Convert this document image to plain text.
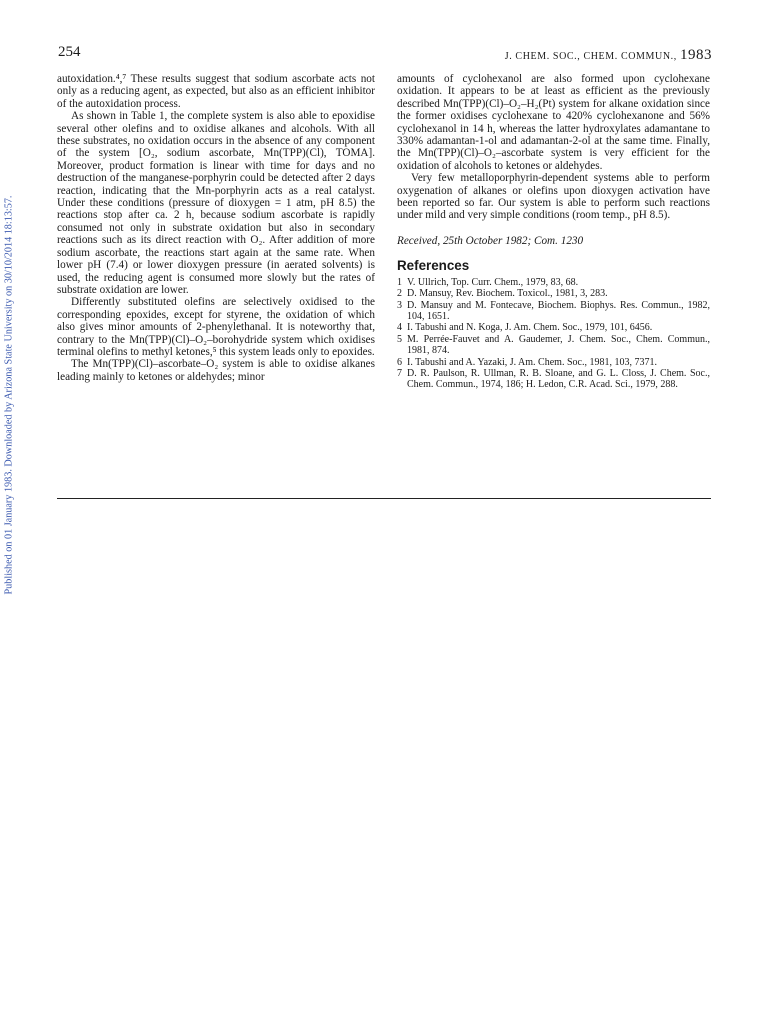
Published on 01 January 1983. Downloaded by Arizona State University on 30/10/2014 18:13:57.
254	J. CHEM. SOC., CHEM. COMMUN., 1983

autoxidation.⁴,⁷ These results suggest that sodium ascorbate acts not only as a reducing agent, as expected, but also as an efficient inhibitor of the autoxidation process.

As shown in Table 1, the complete system is also able to epoxidise several other olefins and to oxidise alkanes and alcohols. With all these substrates, no oxidation occurs in the absence of any component of the system [O₂, sodium ascorbate, Mn(TPP)(Cl), TOMA]. Moreover, product formation is linear with time for days and no destruction of the manganese-porphyrin could be detected after 2 days reaction, indicating that the Mn-porphyrin acts as a real catalyst. Under these conditions (pressure of dioxygen = 1 atm, pH 8.5) the reactions stop after ca. 2 h, because sodium ascorbate is rapidly consumed not only in substrate oxidation but also in secondary reactions such as its direct reaction with O₂. After addition of more sodium ascorbate, the reactions start again at the same rate. When lower pH (7.4) or lower dioxygen pressure (in aerated solvents) is used, the reducing agent is consumed more slowly but the rates of substrate oxidation are lower.

Differently substituted olefins are selectively oxidised to the corresponding epoxides, except for styrene, the oxidation of which also gives minor amounts of 2-phenylethanal. It is noteworthy that, contrary to the Mn(TPP)(Cl)–O₂–borohydride system which oxidises terminal olefins to methyl ketones,⁵ this system leads only to epoxides.

The Mn(TPP)(Cl)–ascorbate–O₂ system is able to oxidise alkanes leading mainly to ketones or aldehydes; minor

amounts of cyclohexanol are also formed upon cyclohexane oxidation. It appears to be at least as efficient as the previously described Mn(TPP)(Cl)–O₂–H₂(Pt) system for alkane oxidation since the former oxidises cyclohexane to 420% cyclohexanone and 56% cyclohexanol in 14 h, whereas the latter hydroxylates adamantane to 330% adamantan-1-ol and adamantan-2-ol at the same time. Finally, the Mn(TPP)(Cl)–O₂–ascorbate system is very efficient for the oxidation of alcohols to ketones or aldehydes.

Very few metalloporphyrin-dependent systems able to perform oxygenation of alkanes or olefins upon dioxygen activation have been reported so far. Our system is able to perform such reactions under mild and very simple conditions (room temp., pH 8.5).

Received, 25th October 1982; Com. 1230
References
1 V. Ullrich, Top. Curr. Chem., 1979, 83, 68.
2 D. Mansuy, Rev. Biochem. Toxicol., 1981, 3, 283.
3 D. Mansuy and M. Fontecave, Biochem. Biophys. Res. Commun., 1982, 104, 1651.
4 I. Tabushi and N. Koga, J. Am. Chem. Soc., 1979, 101, 6456.
5 M. Perrée-Fauvet and A. Gaudemer, J. Chem. Soc., Chem. Commun., 1981, 874.
6 I. Tabushi and A. Yazaki, J. Am. Chem. Soc., 1981, 103, 7371.
7 D. R. Paulson, R. Ullman, R. B. Sloane, and G. L. Closs, J. Chem. Soc., Chem. Commun., 1974, 186; H. Ledon, C.R. Acad. Sci., 1979, 288.
